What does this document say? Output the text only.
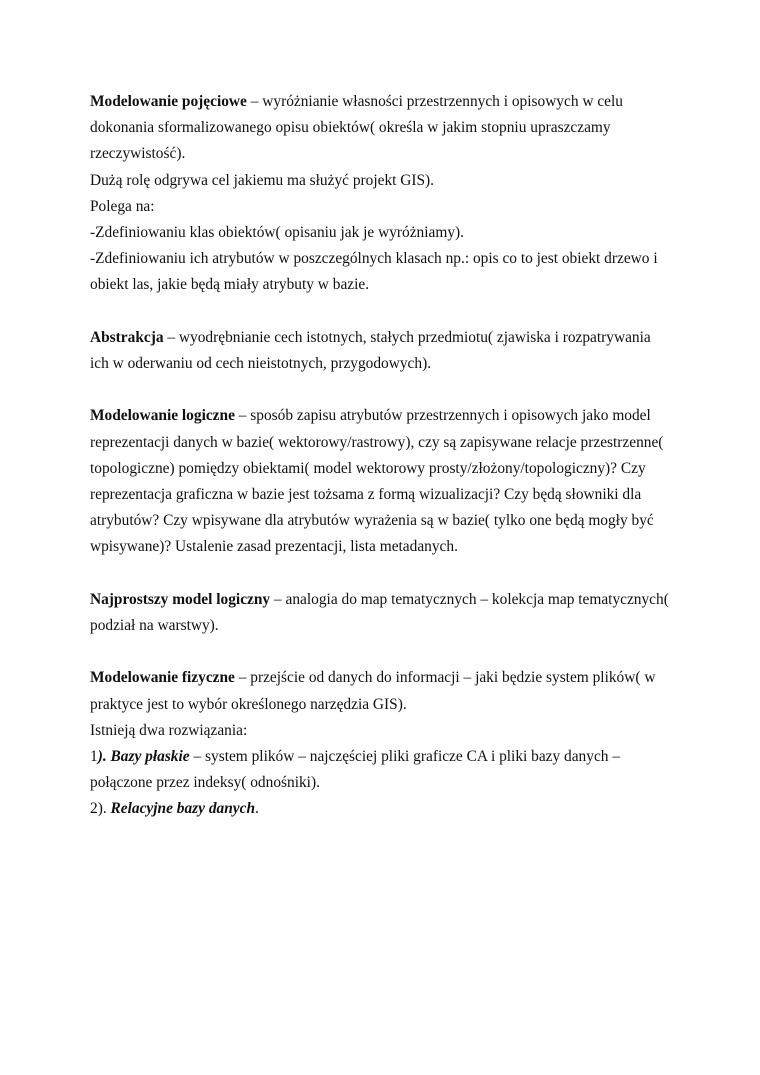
Modelowanie pojęciowe – wyróżnianie własności przestrzennych i opisowych w celu dokonania sformalizowanego opisu obiektów( określa w jakim stopniu upraszczamy rzeczywistość).

Dużą rolę odgrywa cel jakiemu ma służyć projekt GIS).

Polega na:

-Zdefiniowaniu klas obiektów( opisaniu jak je wyróżniamy).

-Zdefiniowaniu ich atrybutów w poszczególnych klasach np.: opis co to jest obiekt drzewo i obiekt las, jakie będą miały atrybuty w bazie.

Abstrakcja – wyodrębnianie cech istotnych, stałych przedmiotu( zjawiska i rozpatrywania ich w oderwaniu od cech nieistotnych, przygodowych).

Modelowanie logiczne – sposób zapisu atrybutów przestrzennych i opisowych jako model reprezentacji danych w bazie( wektorowy/rastrowy), czy są zapisywane relacje przestrzenne( topologiczne) pomiędzy obiektami( model wektorowy prosty/złożony/topologiczny)? Czy reprezentacja graficzna w bazie jest tożsama z formą wizualizacji? Czy będą słowniki dla atrybutów? Czy wpisywane dla atrybutów wyrażenia są w bazie( tylko one będą mogły być wpisywane)? Ustalenie zasad prezentacji, lista metadanych.

Najprostszy model logiczny – analogia do map tematycznych – kolekcja map tematycznych( podział na warstwy).

Modelowanie fizyczne – przejście od danych do informacji – jaki będzie system plików( w praktyce jest to wybór określonego narzędzia GIS).

Istnieją dwa rozwiązania:

1). Bazy płaskie – system plików – najczęściej pliki graficze CA i pliki bazy danych – połączone przez indeksy( odnośniki).

2). Relacyjne bazy danych.
